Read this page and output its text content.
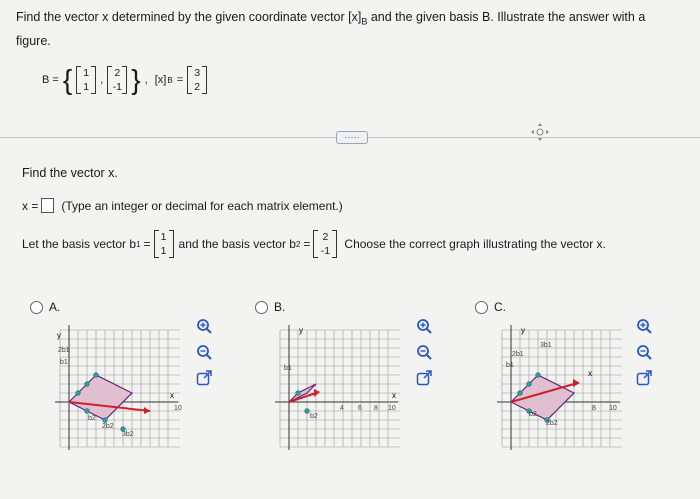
Find the vector x determined by the given coordinate vector $[x]_B$ and the given basis B. Illustrate the answer with a
figure.
B = { 1
1
,
2
-1 } , [x] B =
3
2
·····
Find the vector x.
x = (Type an integer or decimal for each matrix element.)
Let the basis vector b 1 = 1
1 and the basis vector b 2 = 2
-1 Choose the correct graph illustrating the vector x.
A.	B.	C.
y
x
2b1
b1
b2
2b2
3b2
10
y
x
b1
b2
4 6 8 10
y
x
3b1
2b1
b1
b2
2b2
8 10
